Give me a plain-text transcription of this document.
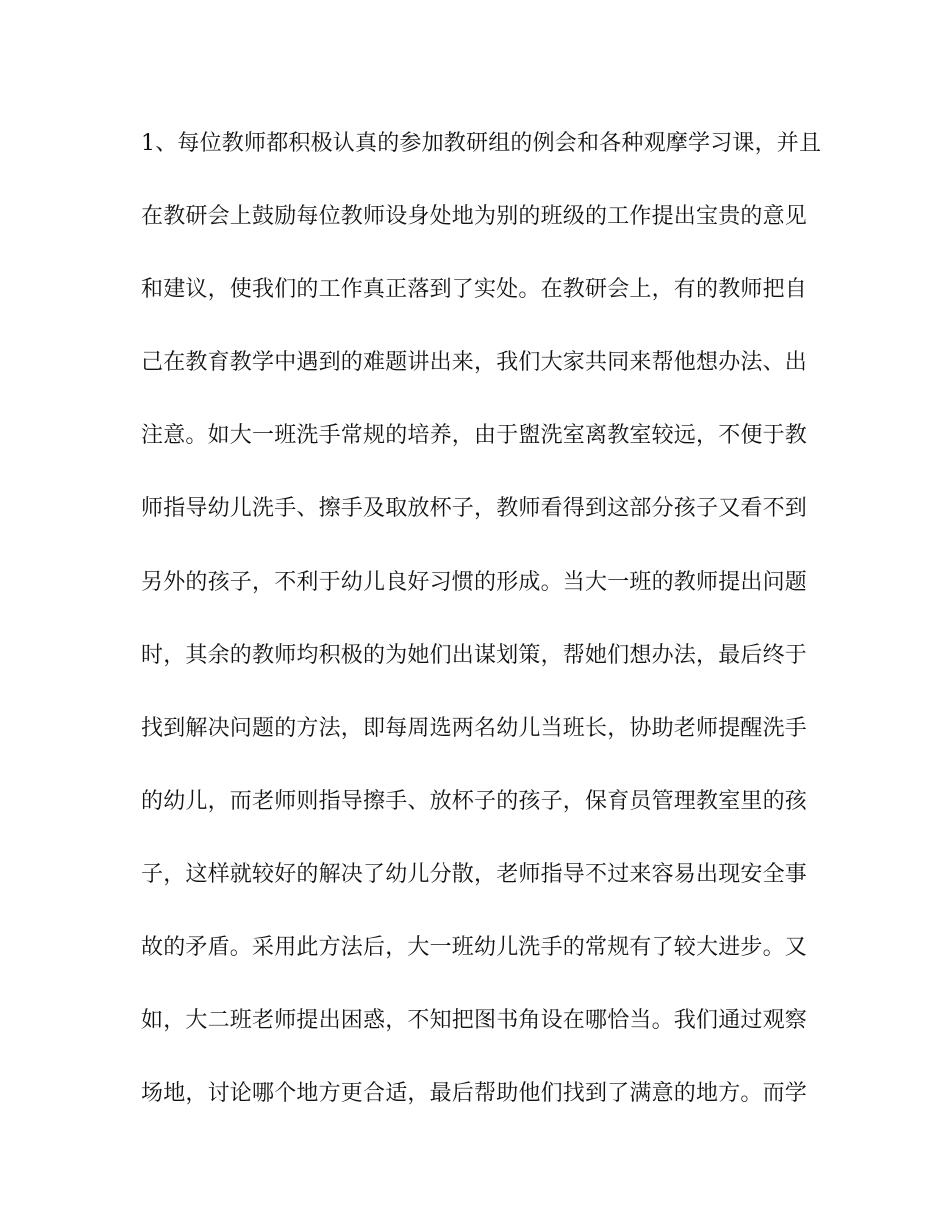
1、每位教师都积极认真的参加教研组的例会和各种观摩学习课，并且
在教研会上鼓励每位教师设身处地为别的班级的工作提出宝贵的意见
和建议，使我们的工作真正落到了实处。在教研会上，有的教师把自
己在教育教学中遇到的难题讲出来，我们大家共同来帮他想办法、出
注意。如大一班洗手常规的培养，由于盥洗室离教室较远，不便于教
师指导幼儿洗手、擦手及取放杯子，教师看得到这部分孩子又看不到
另外的孩子，不利于幼儿良好习惯的形成。当大一班的教师提出问题
时，其余的教师均积极的为她们出谋划策，帮她们想办法，最后终于
找到解决问题的方法，即每周选两名幼儿当班长，协助老师提醒洗手
的幼儿，而老师则指导擦手、放杯子的孩子，保育员管理教室里的孩
子，这样就较好的解决了幼儿分散，老师指导不过来容易出现安全事
故的矛盾。采用此方法后，大一班幼儿洗手的常规有了较大进步。又
如，大二班老师提出困惑，不知把图书角设在哪恰当。我们通过观察
场地，讨论哪个地方更合适，最后帮助他们找到了满意的地方。而学
